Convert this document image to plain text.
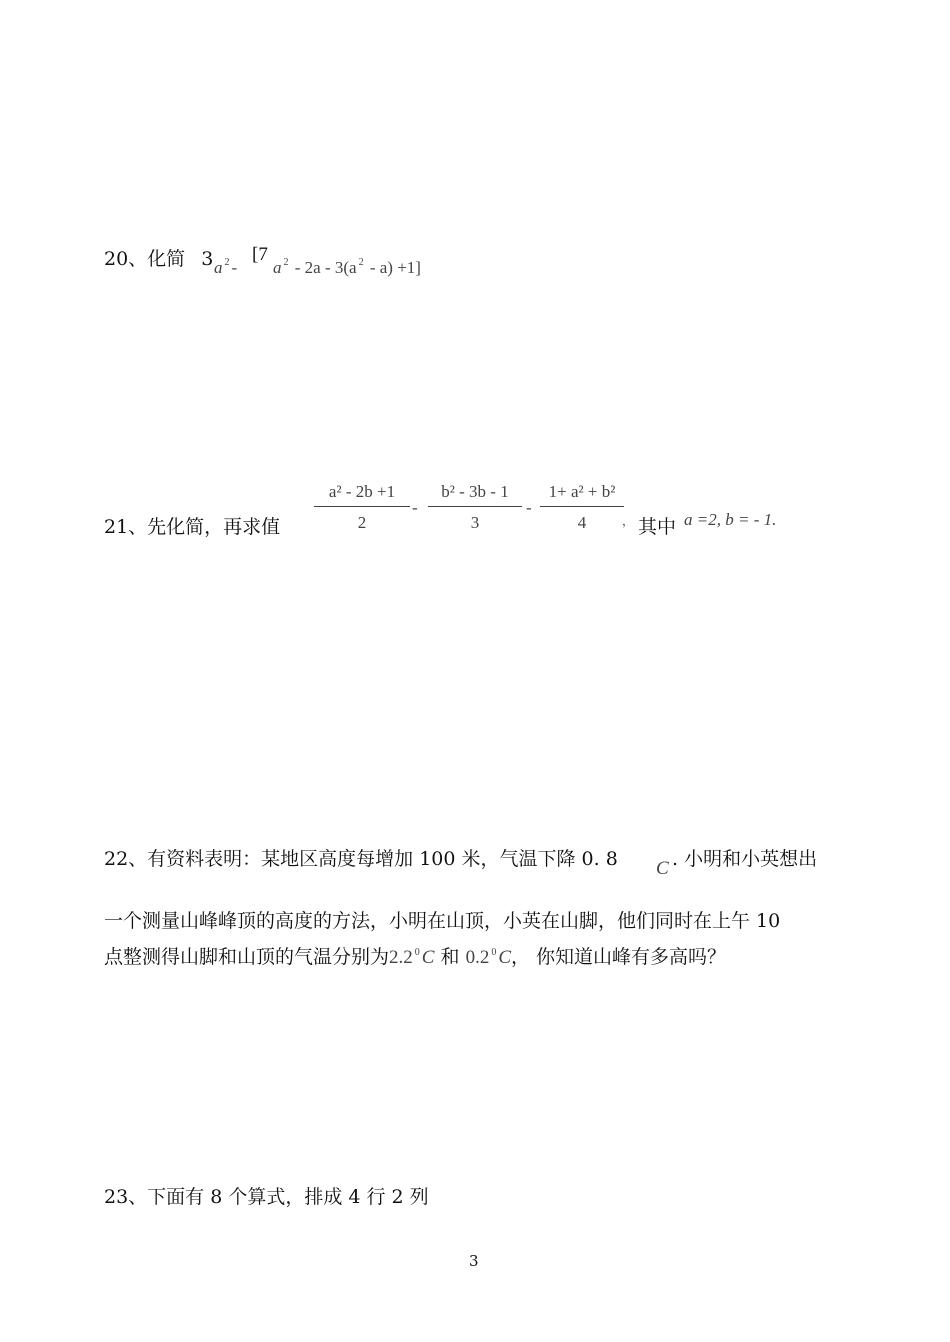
20、化简 3 a $^2$ -
[7
a $^2$ - 2a - 3(a $^2$ - a) +1]
21、先化简，再求值
a² - 2b +1
2
-
b² - 3b - 1
3
-
1+ a² + b²
4	， 其中 a =2, b = - 1.
22、有资料表明：某地区高度每增加 100 米，气温下降 0. 8 C . 小明和小英想出
一个测量山峰峰顶的高度的方法，小明在山顶，小英在山脚，他们同时在上午 10
点整测得山脚和山顶的气温分别为2.2 $^0$ C 和 0.2 $^0$ C， 你知道山峰有多高吗？
23、下面有 8 个算式，排成 4 行 2 列
3
